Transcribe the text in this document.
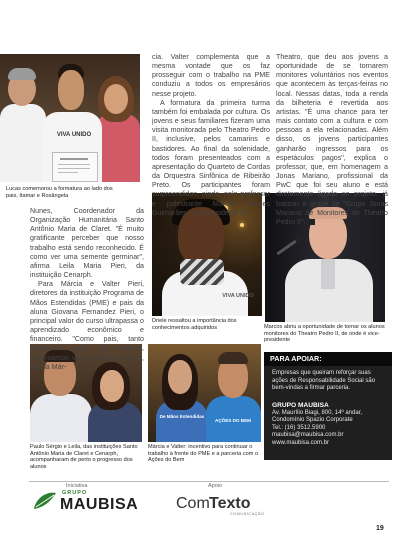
VIVA UNIDO
VIVA UNIDO
De Mãos Estendidas
AÇÕES DO BEM
Lucas comemorou a formatura ao lado dos pais, Itamar e Rosângela
Driele ressaltou a importância dos conhecimentos adquiridos	Marcos abriu a oportunidade de tornar os alunos monitores do Theatro Pedro II, de onde é vice-presidente
Paulo Sérgio e Leila, das instituições Santo Antônio Maria de Claret e Cenarph, acompanharam de perto o progresso dos alunos
Márcia e Valter: incentivo para continuar o trabalho à frente do PME e a parceria com o Ações do Bem

cia. Valter complementa que a mesma vontade que os faz prosseguir com o trabalho na PME conduziu a todos os empresários nesse projeto.

A formatura da primeira turma também foi embalada por cultura. Os jovens e seus familiares fizeram uma visita monitorada pelo Theatro Pedro II, inclusive, pelos camarins e bastidores. Ao final da solenidade, todos foram presenteados com a apresentação do Quarteto de Cordas da Orquestra Sinfônica de Ribeirão Preto. Os participantes foram surpreendidos, ainda, pelo professor e palestrante Marcos Gomes Guimarães, vice-presidente do

Theatro, que deu aos jovens a oportunidade de se tornarem monitores voluntários nos eventos que acontecem às terças-feiras no local. Nessas datas, toda a renda da bilheteria é revertida aos artistas. "É uma chance para ter mais contato com a cultura e com pessoas a ela relacionadas. Além disso, os jovens participantes ganharão ingressos para os espetáculos pagos", explica o professor, que, em homenagem a Jonas Mariano, profissional da PwC que foi seu aluno e está diretamente ligado ao projeto, já batizou o grupo de "Grupo Jonas Mariano de Monitores do Theatro Pedro II".

Nunes, Coordenador da Organização Humanitária Santo Antônio Maria de Claret. "É muito gratificante perceber que nosso trabalho está sendo reconhecido. É como ver uma semente germinar", afirma Leila Maria Pieri, da instituição Cenarph.

Para Márcia e Valter Pieri, diretores da instituição Programa de Mãos Estendidas (PME) e pais da aluna Giovana Fernandez Pieri, o principal valor do curso ultrapassa o aprendizado econômico e financeiro. "Como pais, tanto biológicos como de coração, observamos um crescimento real", afirma Már-

PARA APOIAR:
Empresas que queiram reforçar suas ações de Responsabilidade Social são bem-vindas a firmar parceria.
GRUPO MAUBISA
Av. Maurílio Biagi, 800, 14º andar,
Condomínio Spazio Corporate
Tel.: (16) 3512.5900
maubisa@maubisa.com.br
www.maubisa.com.br
Iniciativa
GRUPO
MAUBISA
Apoio
Com Texto
COMUNICAÇÃO
19
